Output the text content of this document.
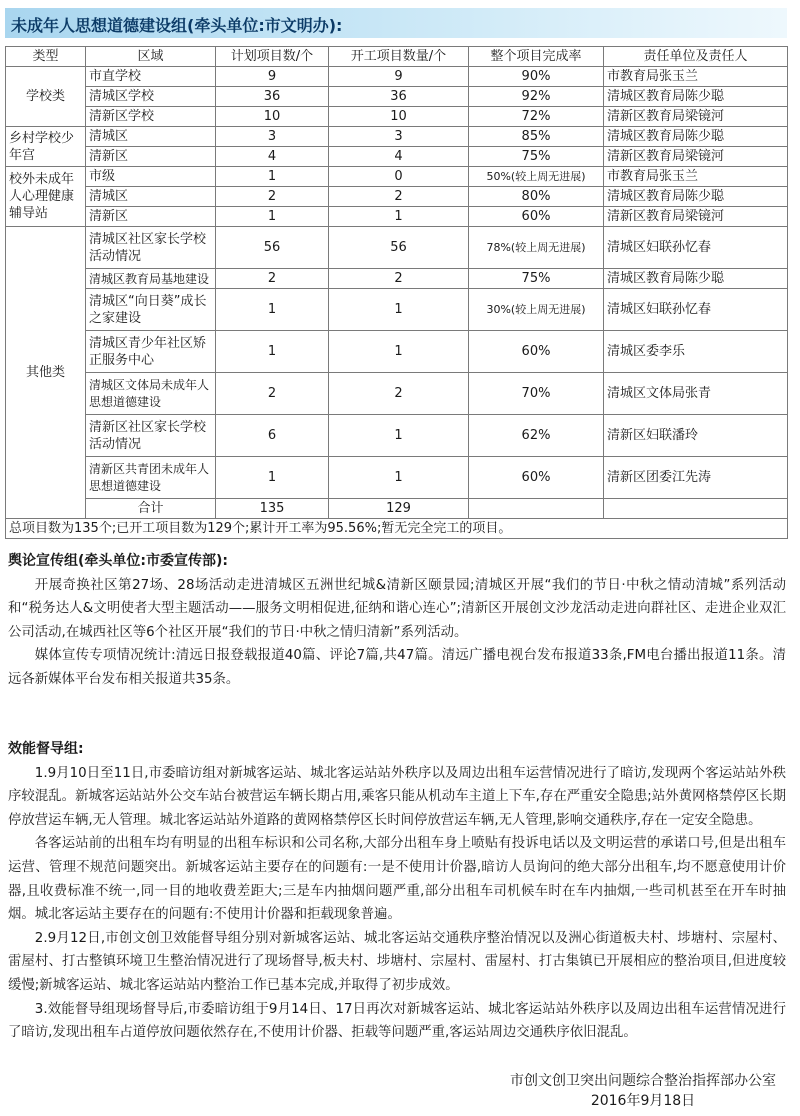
未成年人思想道德建设组(牵头单位:市文明办):
类型	区域	计划项目数/个	开工项目数量/个	整个项目完成率	责任单位及责任人
学校类	市直学校	9	9	90%	市教育局张玉兰
	清城区学校	36	36	92%	清城区教育局陈少聪
	清新区学校	10	10	72%	清新区教育局梁镜河
乡村学校少年宫	清城区	3	3	85%	清城区教育局陈少聪
	清新区	4	4	75%	清新区教育局梁镜河
校外未成年人心理健康辅导站	市级	1	0	50%(较上周无进展)	市教育局张玉兰
	清城区	2	2	80%	清城区教育局陈少聪
	清新区	1	1	60%	清新区教育局梁镜河
其他类	清城区社区家长学校活动情况	56	56	78%(较上周无进展)	清城区妇联孙忆春
	清城区教育局基地建设	2	2	75%	清城区教育局陈少聪
	清城区“向日葵”成长之家建设	1	1	30%(较上周无进展)	清城区妇联孙忆春
	清城区青少年社区矫正服务中心	1	1	60%	清城区委李乐
	清城区文体局未成年人思想道德建设	2	2	70%	清城区文体局张青
	清新区社区家长学校活动情况	6	1	62%	清新区妇联潘玲
	清新区共青团未成年人思想道德建设	1	1	60%	清新区团委江先涛
	合计	135	129		
总项目数为135个;已开工项目数为129个;累计开工率为95.56%;暂无完全完工的项目。					
舆论宣传组(牵头单位:市委宣传部):

开展奇换社区第27场、28场活动走进清城区五洲世纪城&清新区颐景园;清城区开展“我们的节日·中秋之情动清城”系列活动和“税务达人&文明使者大型主题活动——服务文明相促进,征纳和谐心连心”;清新区开展创文沙龙活动走进向群社区、走进企业双汇公司活动,在城西社区等6个社区开展“我们的节日·中秋之情归清新”系列活动。

媒体宣传专项情况统计:清远日报登载报道40篇、评论7篇,共47篇。清远广播电视台发布报道33条,FM电台播出报道11条。清远各新媒体平台发布相关报道共35条。

效能督导组:

1.9月10日至11日,市委暗访组对新城客运站、城北客运站站外秩序以及周边出租车运营情况进行了暗访,发现两个客运站站外秩序较混乱。新城客运站站外公交车站台被营运车辆长期占用,乘客只能从机动车主道上下车,存在严重安全隐患;站外黄网格禁停区长期停放营运车辆,无人管理。城北客运站站外道路的黄网格禁停区长时间停放营运车辆,无人管理,影响交通秩序,存在一定安全隐患。

各客运站前的出租车均有明显的出租车标识和公司名称,大部分出租车身上喷贴有投诉电话以及文明运营的承诺口号,但是出租车运营、管理不规范问题突出。新城客运站主要存在的问题有:一是不使用计价器,暗访人员询问的绝大部分出租车,均不愿意使用计价器,且收费标准不统一,同一目的地收费差距大;三是车内抽烟问题严重,部分出租车司机候车时在车内抽烟,一些司机甚至在开车时抽烟。城北客运站主要存在的问题有:不使用计价器和拒载现象普遍。

2.9月12日,市创文创卫效能督导组分别对新城客运站、城北客运站交通秩序整治情况以及洲心街道板夫村、埗塘村、宗屋村、雷屋村、打古整镇环境卫生整治情况进行了现场督导,板夫村、埗塘村、宗屋村、雷屋村、打古集镇已开展相应的整治项目,但进度较缓慢;新城客运站、城北客运站站内整治工作已基本完成,并取得了初步成效。

3.效能督导组现场督导后,市委暗访组于9月14日、17日再次对新城客运站、城北客运站站外秩序以及周边出租车运营情况进行了暗访,发现出租车占道停放问题依然存在,不使用计价器、拒载等问题严重,客运站周边交通秩序依旧混乱。

市创文创卫突出问题综合整治指挥部办公室
2016年9月18日
